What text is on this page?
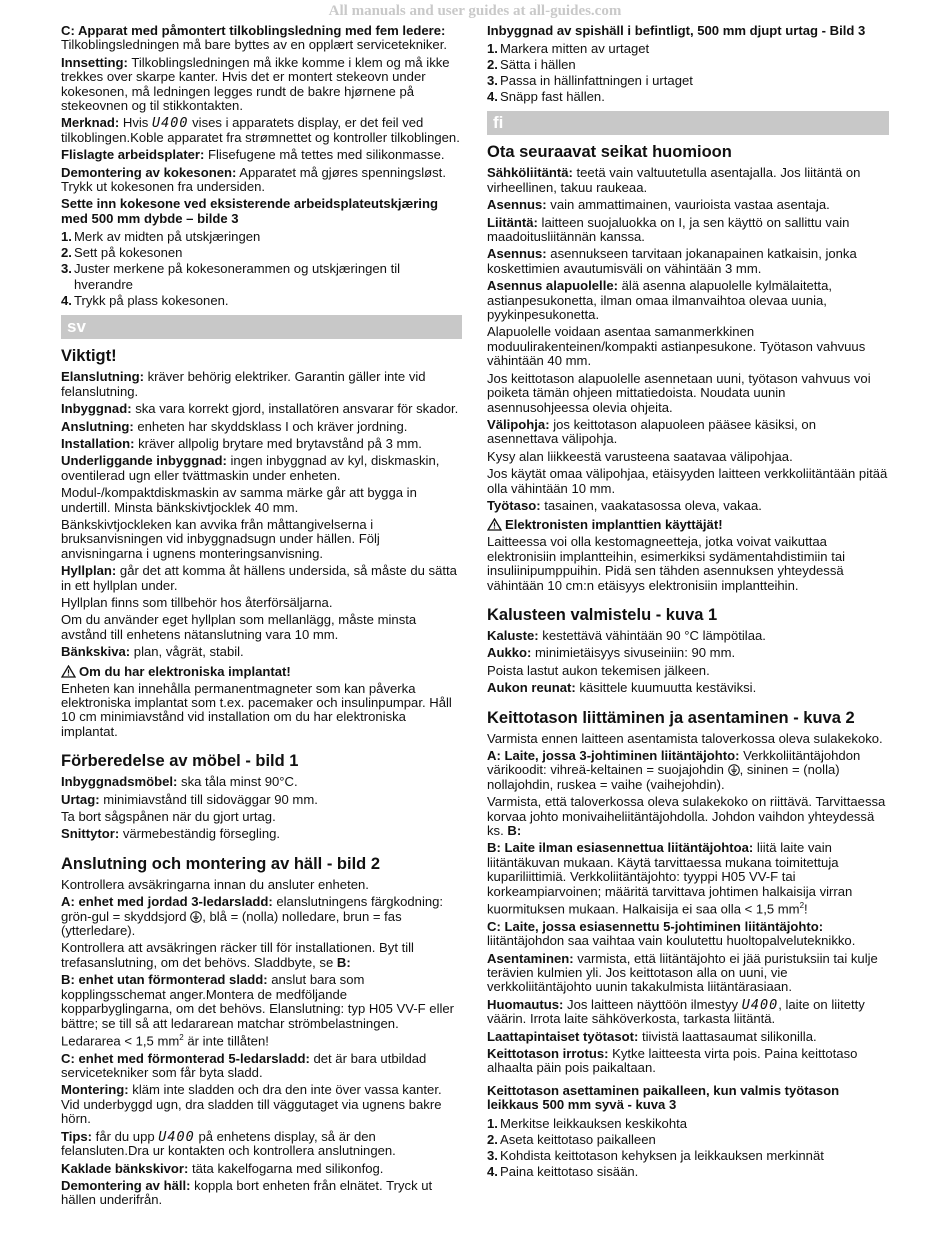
All manuals and user guides at all-guides.com

C: Apparat med påmontert tilkoblingsledning med fem ledere: Tilkoblingsledningen må bare byttes av en opplært servicetekniker.

Innsetting: Tilkoblingsledningen må ikke komme i klem og må ikke trekkes over skarpe kanter. Hvis det er montert stekeovn under kokesonen, må ledningen legges rundt de bakre hjørnene på stekeovnen og til stikkontakten.

Merknad: Hvis U400 vises i apparatets display, er det feil ved tilkoblingen.Koble apparatet fra strømnettet og kontroller tilkoblingen.

Flislagte arbeidsplater: Flisefugene må tettes med silikonmasse.

Demontering av kokesonen: Apparatet må gjøres spenningsløst. Trykk ut kokesonen fra undersiden.

Sette inn kokesone ved eksisterende arbeidsplateutskjæring med 500 mm dybde – bilde 3
1. Merk av midten på utskjæringen
2. Sett på kokesonen
3. Juster merkene på kokesonerammen og utskjæringen til hverandre
4. Trykk på plass kokesonen.
sv
Viktigt!

Elanslutning: kräver behörig elektriker. Garantin gäller inte vid felanslutning.

Inbyggnad: ska vara korrekt gjord, installatören ansvarar för skador.

Anslutning: enheten har skyddsklass I och kräver jordning.

Installation: kräver allpolig brytare med brytavstånd på 3 mm.

Underliggande inbyggnad: ingen inbyggnad av kyl, diskmaskin, oventilerad ugn eller tvättmaskin under enheten.

Modul-/kompaktdiskmaskin av samma märke går att bygga in undertill. Minsta bänkskivtjocklek 40 mm.

Bänkskivtjockleken kan avvika från måttangivelserna i bruksanvisningen vid inbyggnadsugn under hällen. Följ anvisningarna i ugnens monteringsanvisning.

Hyllplan: går det att komma åt hällens undersida, så måste du sätta in ett hyllplan under.

Hyllplan finns som tillbehör hos återförsäljarna.

Om du använder eget hyllplan som mellanlägg, måste minsta avstånd till enhetens nätanslutning vara 10 mm.

Bänkskiva: plan, vågrät, stabil.

Om du har elektroniska implantat!

Enheten kan innehålla permanentmagneter som kan påverka elektroniska implantat som t.ex. pacemaker och insulinpumpar. Håll 10 cm minimiavstånd vid installation om du har elektroniska implantat.

Förberedelse av möbel - bild 1

Inbyggnadsmöbel: ska tåla minst 90°C.

Urtag: minimiavstånd till sidoväggar 90 mm.

Ta bort sågspånen när du gjort urtag.

Snittytor: värmebeständig försegling.

Anslutning och montering av häll - bild 2

Kontrollera avsäkringarna innan du ansluter enheten.

A: enhet med jordad 3-ledarsladd: elanslutningens färgkodning: grön-gul = skyddsjord , blå = (nolla) nolledare, brun = fas (ytterledare).

Kontrollera att avsäkringen räcker till för installationen. Byt till trefasanslutning, om det behövs. Sladdbyte, se B:

B: enhet utan förmonterad sladd: anslut bara som kopplingsschemat anger.Montera de medföljande kopparbyglingarna, om det behövs. Elanslutning: typ H05 VV-F eller bättre; se till så att ledararean matchar strömbelastningen. Ledararea < 1,5 $mm^2$ är inte tillåten!

C: enhet med förmonterad 5-ledarsladd: det är bara utbildad servicetekniker som får byta sladd.

Montering: kläm inte sladden och dra den inte över vassa kanter. Vid underbyggd ugn, dra sladden till väggutaget via ugnens bakre hörn.

Tips: får du upp U400 på enhetens display, så är den felansluten.Dra ur kontakten och kontrollera anslutningen.

Kaklade bänkskivor: täta kakelfogarna med silikonfog.

Demontering av häll: koppla bort enheten från elnätet. Tryck ut hällen underifrån.

Inbyggnad av spishäll i befintligt, 500 mm djupt urtag - Bild 3
1. Markera mitten av urtaget
2. Sätta i hällen
3. Passa in hällinfattningen i urtaget
4. Snäpp fast hällen.
fi
Ota seuraavat seikat huomioon

Sähköliitäntä: teetä vain valtuutetulla asentajalla. Jos liitäntä on virheellinen, takuu raukeaa.

Asennus: vain ammattimainen, vaurioista vastaa asentaja.

Liitäntä: laitteen suojaluokka on I, ja sen käyttö on sallittu vain maadoitusliitännän kanssa.

Asennus: asennukseen tarvitaan jokanapainen katkaisin, jonka koskettimien avautumisväli on vähintään 3 mm.

Asennus alapuolelle: älä asenna alapuolelle kylmälaitetta, astianpesukonetta, ilman omaa ilmanvaihtoa olevaa uunia, pyykinpesukonetta.

Alapuolelle voidaan asentaa samanmerkkinen moduulirakenteinen/kompakti astianpesukone. Työtason vahvuus vähintään 40 mm.

Jos keittotason alapuolelle asennetaan uuni, työtason vahvuus voi poiketa tämän ohjeen mittatiedoista. Noudata uunin asennusohjeessa olevia ohjeita.

Välipohja: jos keittotason alapuoleen pääsee käsiksi, on asennettava välipohja.

Kysy alan liikkeestä varusteena saatavaa välipohjaa.

Jos käytät omaa välipohjaa, etäisyyden laitteen verkkoliitäntään pitää olla vähintään 10 mm.

Työtaso: tasainen, vaakatasossa oleva, vakaa.

Elektronisten implanttien käyttäjät!

Laitteessa voi olla kestomagneetteja, jotka voivat vaikuttaa elektronisiin implantteihin, esimerkiksi sydämentahdistimiin tai insuliinipumppuihin. Pidä sen tähden asennuksen yhteydessä vähintään 10 cm:n etäisyys elektronisiin implantteihin.

Kalusteen valmistelu - kuva 1

Kaluste: kestettävä vähintään 90 °C lämpötilaa.

Aukko: minimietäisyys sivuseiniin: 90 mm.

Poista lastut aukon tekemisen jälkeen.

Aukon reunat: käsittele kuumuutta kestäviksi.

Keittotason liittäminen ja asentaminen - kuva 2

Varmista ennen laitteen asentamista taloverkossa oleva sulakekoko.

A: Laite, jossa 3-johtiminen liitäntäjohto: Verkkoliitäntäjohdon värikoodit: vihreä-keltainen = suojajohdin , sininen = (nolla) nollajohdin, ruskea = vaihe (vaihejohdin).

Varmista, että taloverkossa oleva sulakekoko on riittävä. Tarvittaessa korvaa johto monivaiheliitäntäjohdolla. Johdon vaihdon yhteydessä ks. B:

B: Laite ilman esiasennettua liitäntäjohtoa: liitä laite vain liitäntäkuvan mukaan. Käytä tarvittaessa mukana toimitettuja kupariliittimiä. Verkkoliitäntäjohto: tyyppi H05 VV-F tai korkeampiarvoinen; määritä tarvittava johtimen halkaisija virran kuormituksen mukaan. Halkaisija ei saa olla < 1,5 $mm^2$!

C: Laite, jossa esiasennettu 5-johtiminen liitäntäjohto: liitäntäjohdon saa vaihtaa vain koulutettu huoltopalveluteknikko.

Asentaminen: varmista, että liitäntäjohto ei jää puristuksiin tai kulje terävien kulmien yli. Jos keittotason alla on uuni, vie verkkoliitäntäjohto uunin takakulmista liitäntärasiaan.

Huomautus: Jos laitteen näyttöön ilmestyy U400, laite on liitetty väärin. Irrota laite sähköverkosta, tarkasta liitäntä.

Laattapintaiset työtasot: tiivistä laattasaumat silikonilla.

Keittotason irrotus: Kytke laitteesta virta pois. Paina keittotaso alhaalta päin pois paikaltaan.

Keittotason asettaminen paikalleen, kun valmis työtason leikkaus 500 mm syvä - kuva 3
1. Merkitse leikkauksen keskikohta
2. Aseta keittotaso paikalleen
3. Kohdista keittotason kehyksen ja leikkauksen merkinnät
4. Paina keittotaso sisään.
